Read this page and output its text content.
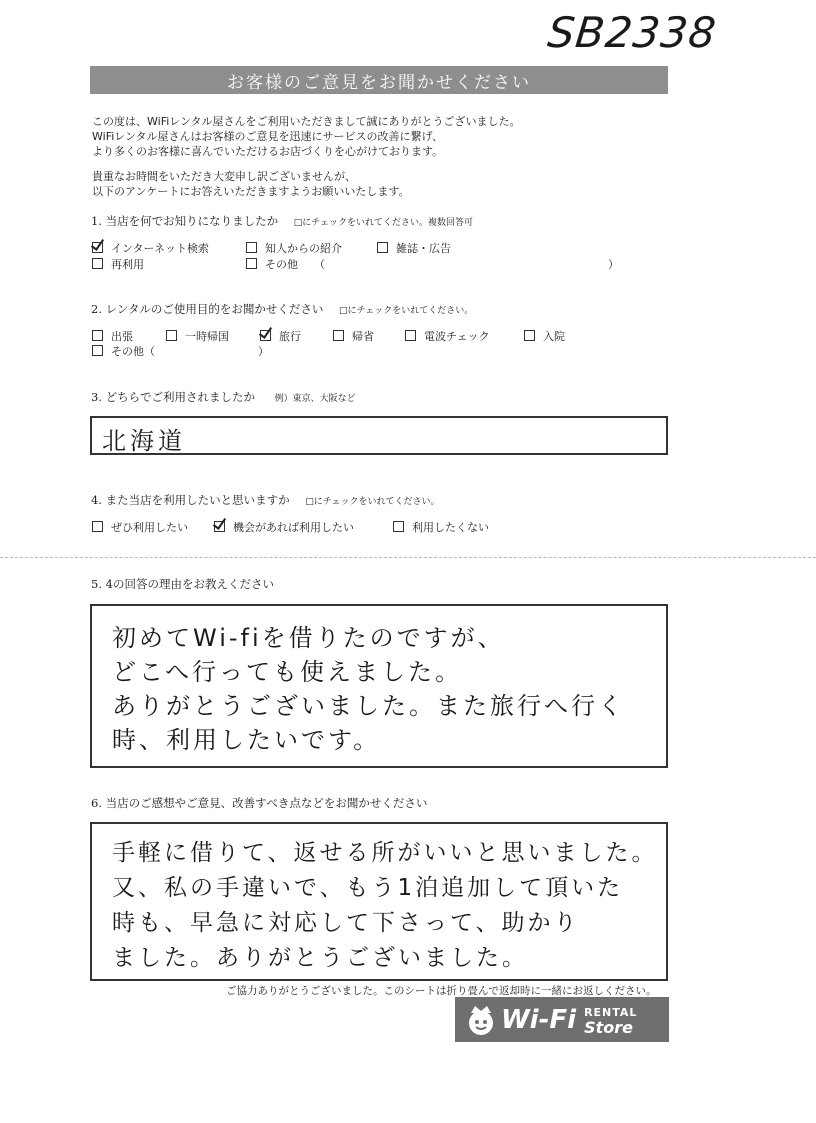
SB2338
お客様のご意見をお聞かせください
この度は、WiFiレンタル屋さんをご利用いただきまして誠にありがとうございました。
WiFiレンタル屋さんはお客様のご意見を迅速にサービスの改善に繋げ、
より多くのお客様に喜んでいただけるお店づくりを心がけております。
貴重なお時間をいただき大変申し訳ございませんが、
以下のアンケートにお答えいただきますようお願いいたします。
1. 当店を何でお知りになりましたか □にチェックをいれてください。複数回答可
インターネット検索	知人からの紹介	雑誌・広告
再利用	その他 （	）
2. レンタルのご使用目的をお聞かせください □にチェックをいれてください。
出張	一時帰国	旅行	帰省	電波チェック	入院
その他（	）
3. どちらでご利用されましたか 例）東京、大阪など
北海道
4. また当店を利用したいと思いますか □にチェックをいれてください。
ぜひ利用したい	機会があれば利用したい	利用したくない
5. 4の回答の理由をお教えください
初めてWi-fiを借りたのですが、
どこへ行っても使えました。
ありがとうございました。また旅行へ行く
時、利用したいです。
6. 当店のご感想やご意見、改善すべき点などをお聞かせください
手軽に借りて、返せる所がいいと思いました。
又、私の手違いで、もう1泊追加して頂いた
時も、早急に対応して下さって、助かり
ました。ありがとうございました。
ご協力ありがとうございました。このシートは折り畳んで返却時に一緒にお返しください。
Wi-Fi RENTAL
Store
